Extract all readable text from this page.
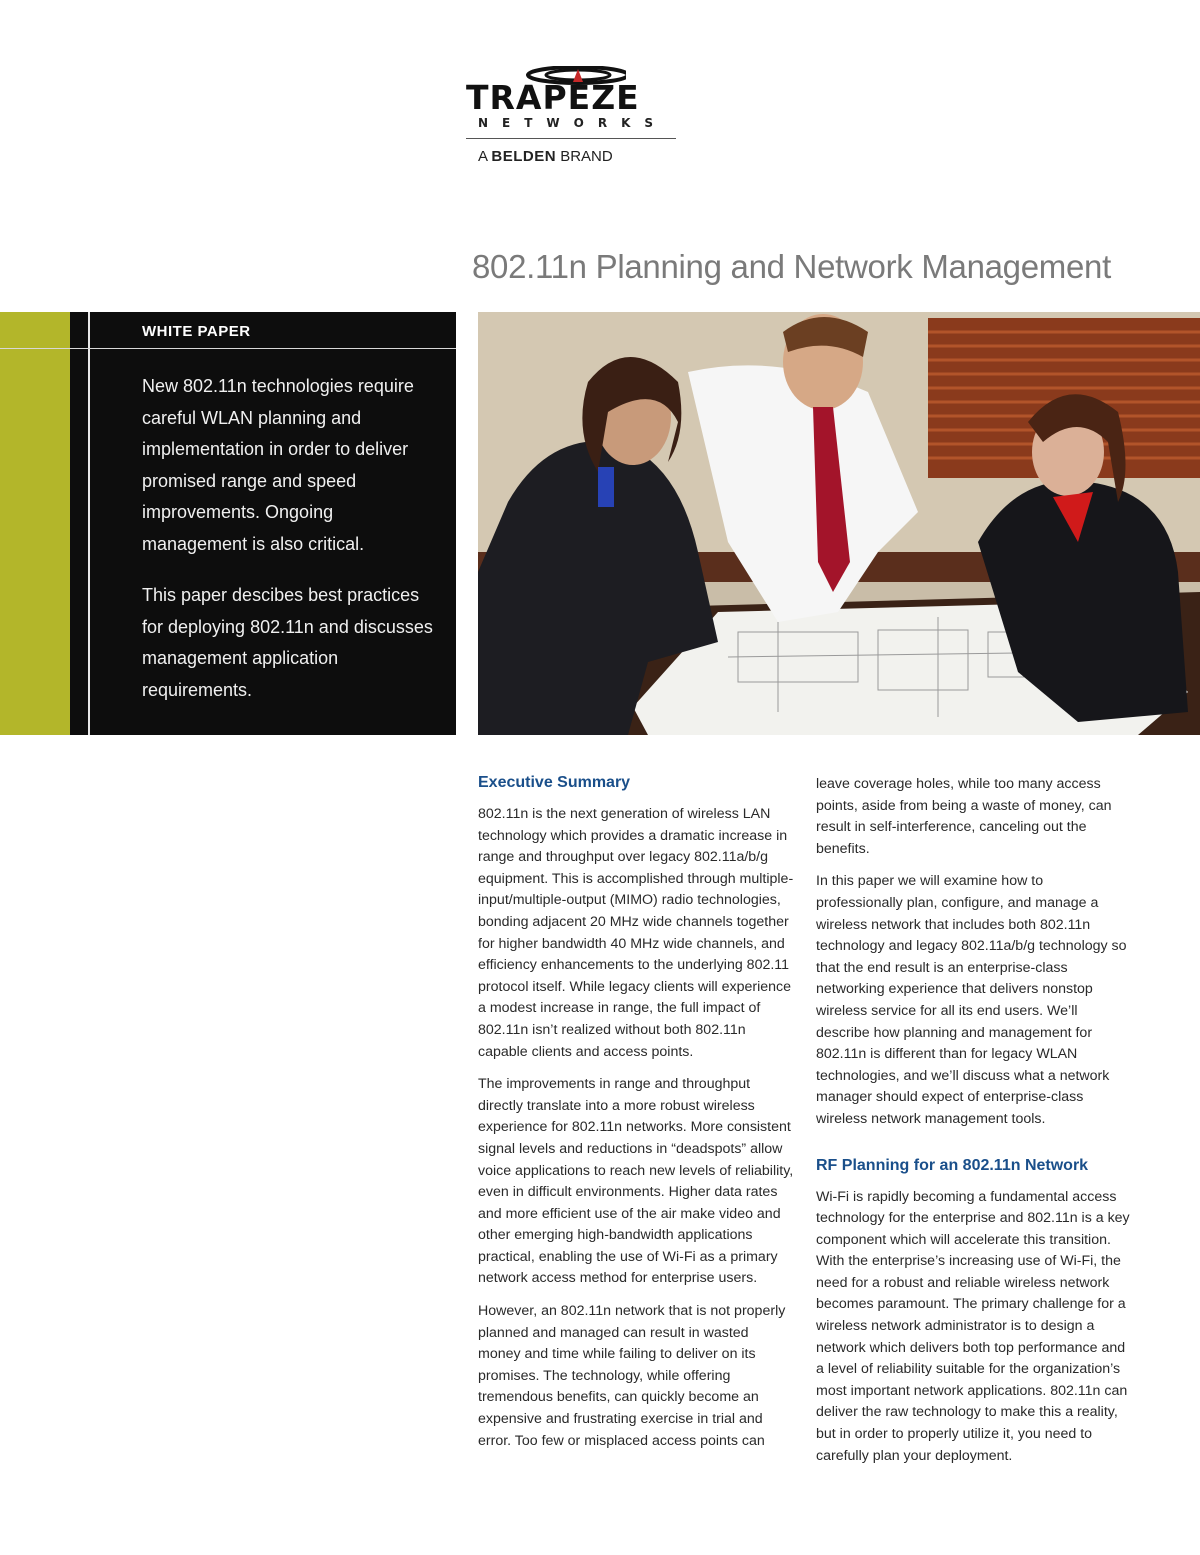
TRAPEZE
NETWORKS
A BELDEN BRAND
802.11n Planning and Network Management
WHITE PAPER

New 802.11n technologies require careful WLAN planning and implementation in order to deliver promised range and speed improvements. Ongoing management is also critical.

This paper descibes best practices for deploying 802.11n and discusses management application requirements.

Executive Summary

802.11n is the next generation of wireless LAN technology which provides a dramatic increase in range and throughput over legacy 802.11a/b/g equipment. This is accomplished through multiple-input/multiple-output (MIMO) radio technologies, bonding adjacent 20 MHz wide channels together for higher bandwidth 40 MHz wide channels, and efficiency enhancements to the underlying 802.11 protocol itself. While legacy clients will experience a modest increase in range, the full impact of 802.11n isn’t realized without both 802.11n capable clients and access points.

The improvements in range and throughput directly translate into a more robust wireless experience for 802.11n networks. More consistent signal levels and reductions in “deadspots” allow voice applications to reach new levels of reliability, even in difficult environments. Higher data rates and more efficient use of the air make video and other emerging high-bandwidth applications practical, enabling the use of Wi-Fi as a primary network access method for enterprise users.

However, an 802.11n network that is not properly planned and managed can result in wasted money and time while failing to deliver on its promises. The technology, while offering tremendous benefits, can quickly become an expensive and frustrating exercise in trial and error. Too few or misplaced access points can

leave coverage holes, while too many access points, aside from being a waste of money, can result in self-interference, canceling out the benefits.

In this paper we will examine how to professionally plan, configure, and manage a wireless network that includes both 802.11n technology and legacy 802.11a/b/g technology so that the end result is an enterprise-class networking experience that delivers nonstop wireless service for all its end users. We’ll describe how planning and management for 802.11n is different than for legacy WLAN technologies, and we’ll discuss what a network manager should expect of enterprise-class wireless network management tools.

RF Planning for an 802.11n Network

Wi-Fi is rapidly becoming a fundamental access technology for the enterprise and 802.11n is a key component which will accelerate this transition. With the enterprise’s increasing use of Wi-Fi, the need for a robust and reliable wireless network becomes paramount. The primary challenge for a wireless network administrator is to design a network which delivers both top performance and a level of reliability suitable for the organization’s most important network applications. 802.11n can deliver the raw technology to make this a reality, but in order to properly utilize it, you need to carefully plan your deployment.
